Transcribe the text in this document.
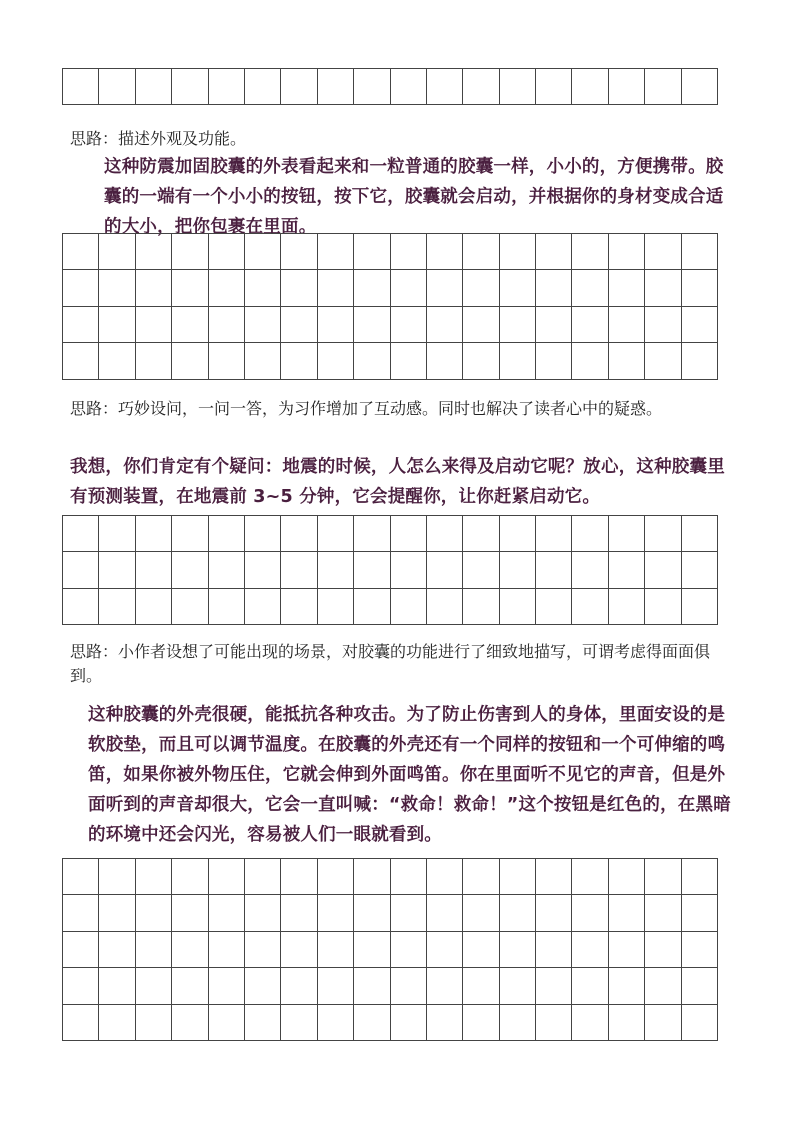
思路：描述外观及功能。

这种防震加固胶囊的外表看起来和一粒普通的胶囊一样，小小的，方便携带。胶囊的一端有一个小小的按钮，按下它，胶囊就会启动，并根据你的身材变成合适的大小，把你包裹在里面。

思路：巧妙设问，一问一答，为习作增加了互动感。同时也解决了读者心中的疑惑。

我想，你们肯定有个疑问：地震的时候，人怎么来得及启动它呢？放心，这种胶囊里有预测装置，在地震前 3~5 分钟，它会提醒你，让你赶紧启动它。

思路：小作者设想了可能出现的场景，对胶囊的功能进行了细致地描写，可谓考虑得面面俱到。

这种胶囊的外壳很硬，能抵抗各种攻击。为了防止伤害到人的身体，里面安设的是软胶垫，而且可以调节温度。在胶囊的外壳还有一个同样的按钮和一个可伸缩的鸣笛，如果你被外物压住，它就会伸到外面鸣笛。你在里面听不见它的声音，但是外面听到的声音却很大，它会一直叫喊：“救命！救命！”这个按钮是红色的，在黑暗的环境中还会闪光，容易被人们一眼就看到。
